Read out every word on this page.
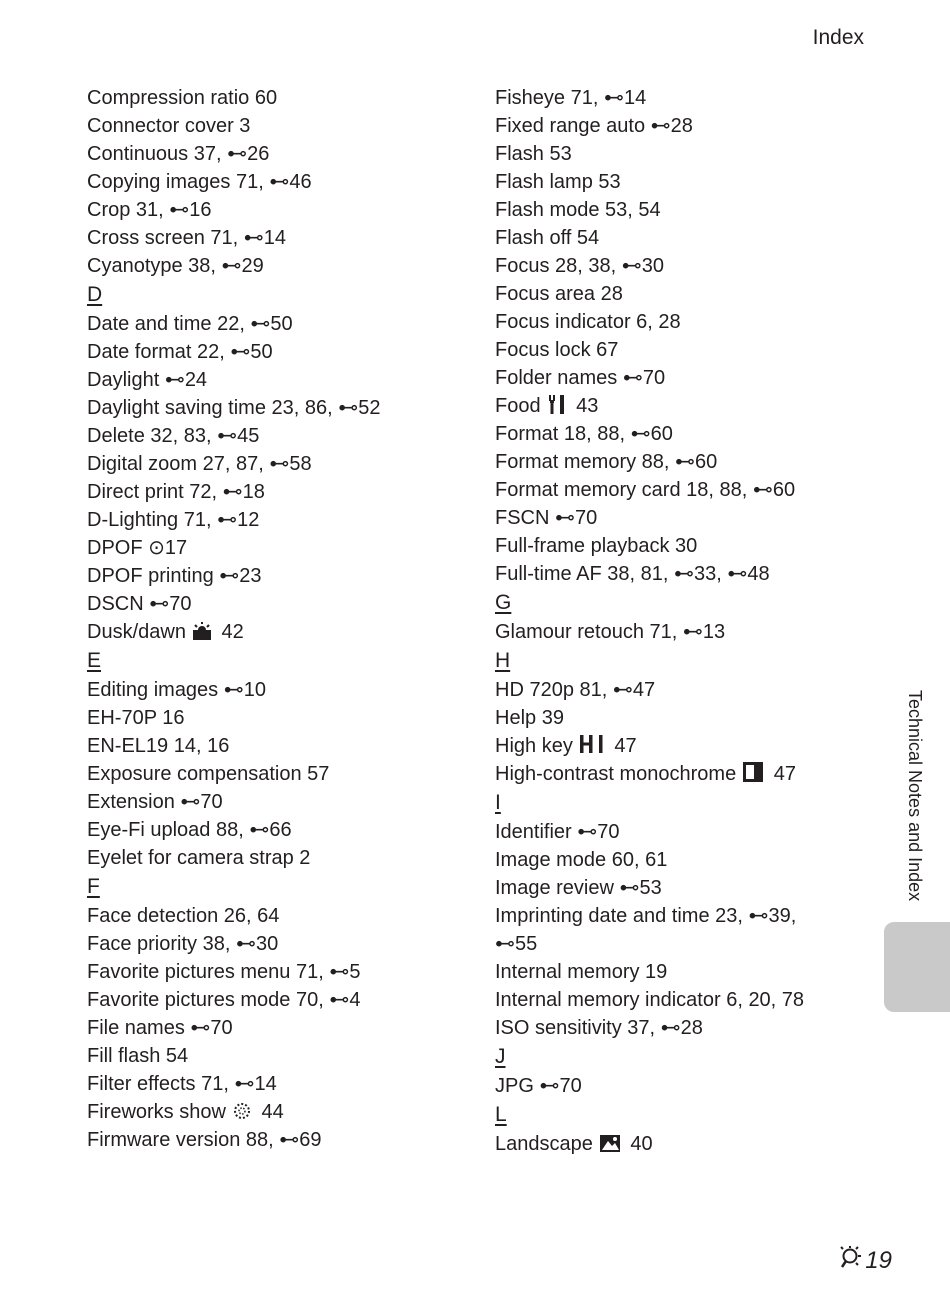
Index
Compression ratio 60
Connector cover 3
Continuous 37, ⊷26
Copying images 71, ⊷46
Crop 31, ⊷16
Cross screen 71, ⊷14
Cyanotype 38, ⊷29
D
Date and time 22, ⊷50
Date format 22, ⊷50
Daylight ⊷24
Daylight saving time 23, 86, ⊷52
Delete 32, 83, ⊷45
Digital zoom 27, 87, ⊷58
Direct print 72, ⊷18
D-Lighting 71, ⊷12
DPOF ⊙17
DPOF printing ⊷23
DSCN ⊷70
Dusk/dawn 42
E
Editing images ⊷10
EH-70P 16
EN-EL19 14, 16
Exposure compensation 57
Extension ⊷70
Eye-Fi upload 88, ⊷66
Eyelet for camera strap 2
F
Face detection 26, 64
Face priority 38, ⊷30
Favorite pictures menu 71, ⊷5
Favorite pictures mode 70, ⊷4
File names ⊷70
Fill flash 54
Filter effects 71, ⊷14
Fireworks show 44
Firmware version 88, ⊷69
Fisheye 71, ⊷14
Fixed range auto ⊷28
Flash 53
Flash lamp 53
Flash mode 53, 54
Flash off 54
Focus 28, 38, ⊷30
Focus area 28
Focus indicator 6, 28
Focus lock 67
Folder names ⊷70
Food 43
Format 18, 88, ⊷60
Format memory 88, ⊷60
Format memory card 18, 88, ⊷60
FSCN ⊷70
Full-frame playback 30
Full-time AF 38, 81, ⊷33, ⊷48
G
Glamour retouch 71, ⊷13
H
HD 720p 81, ⊷47
Help 39
High key 47
High-contrast monochrome 47
I
Identifier ⊷70
Image mode 60, 61
Image review ⊷53
Imprinting date and time 23, ⊷39,
⊷55
Internal memory 19
Internal memory indicator 6, 20, 78
ISO sensitivity 37, ⊷28
J
JPG ⊷70
L
Landscape 40
Technical Notes and Index
19
